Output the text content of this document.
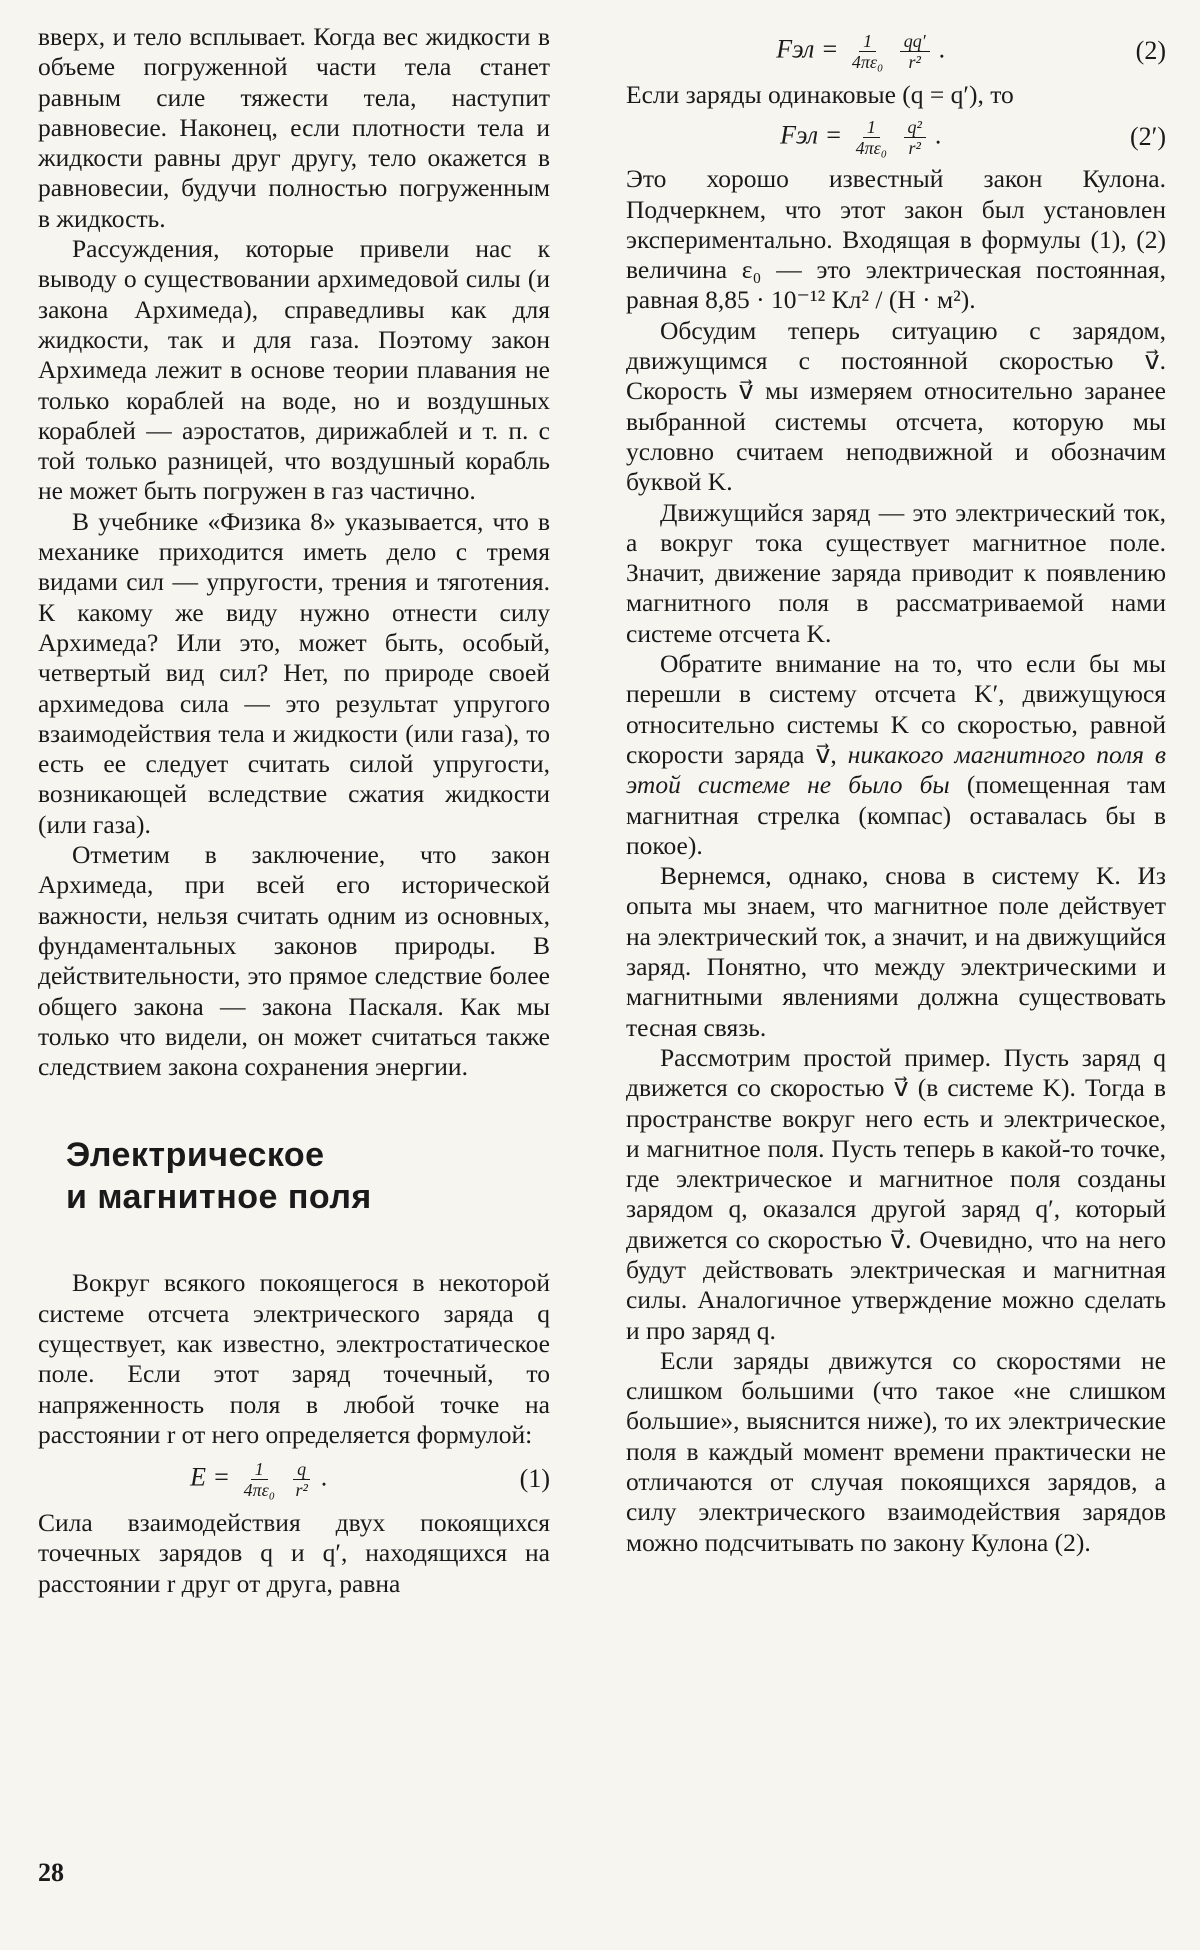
вверх, и тело всплывает. Когда вес жидкости в объеме погруженной части тела станет равным силе тяжести тела, наступит равновесие. Наконец, если плотности тела и жидкости равны друг другу, тело окажется в равновесии, будучи полностью погруженным в жидкость.

Рассуждения, которые привели нас к выводу о существовании архимедовой силы (и закона Архимеда), справедливы как для жидкости, так и для газа. Поэтому закон Архимеда лежит в основе теории плавания не только кораблей на воде, но и воздушных кораблей — аэростатов, дирижаблей и т. п. с той только разницей, что воздушный корабль не может быть погружен в газ частично.

В учебнике «Физика 8» указывается, что в механике приходится иметь дело с тремя видами сил — упругости, трения и тяготения. К какому же виду нужно отнести силу Архимеда? Или это, может быть, особый, четвертый вид сил? Нет, по природе своей архимедова сила — это результат упругого взаимодействия тела и жидкости (или газа), то есть ее следует считать силой упругости, возникающей вследствие сжатия жидкости (или газа).

Отметим в заключение, что закон Архимеда, при всей его исторической важности, нельзя считать одним из основных, фундаментальных законов природы. В действительности, это прямое следствие более общего закона — закона Паскаля. Как мы только что видели, он может считаться также следствием закона сохранения энергии.

Электрическое
и магнитное поля

Вокруг всякого покоящегося в некоторой системе отсчета электрического заряда q существует, как известно, электростатическое поле. Если этот заряд точечный, то напряженность поля в любой точке на расстоянии r от него определяется формулой:

$E = \frac{1}{\text{4πε₀}}$
$\frac{q}{\text{r²}}$ .	(1)

Сила взаимодействия двух покоящихся точечных зарядов q и q′, находящихся на расстоянии r друг от друга, равна

Fэл = $\frac{1}{\text{4πε₀}}$
$\frac{qq'}{\text{r²}}$ .	(2)

Если заряды одинаковые (q = q′), то

Fэл = $\frac{1}{\text{4πε₀}}$
$\frac{\text{q²}}{\text{r²}}$ .	(2′)

Это хорошо известный закон Кулона. Подчеркнем, что этот закон был установлен экспериментально. Входящая в формулы (1), (2) величина ε₀ — это электрическая постоянная, равная 8,85 · 10⁻¹² Кл² / (Н · м²).

Обсудим теперь ситуацию с зарядом, движущимся с постоянной скоростью v⃗. Скорость v⃗ мы измеряем относительно заранее выбранной системы отсчета, которую мы условно считаем неподвижной и обозначим буквой K.

Движущийся заряд — это электрический ток, а вокруг тока существует магнитное поле. Значит, движение заряда приводит к появлению магнитного поля в рассматриваемой нами системе отсчета K.

Обратите внимание на то, что если бы мы перешли в систему отсчета K′, движущуюся относительно системы K со скоростью, равной скорости заряда v⃗, никакого магнитного поля в этой системе не было бы (помещенная там магнитная стрелка (компас) оставалась бы в покое).

Вернемся, однако, снова в систему K. Из опыта мы знаем, что магнитное поле действует на электрический ток, а значит, и на движущийся заряд. Понятно, что между электрическими и магнитными явлениями должна существовать тесная связь.

Рассмотрим простой пример. Пусть заряд q движется со скоростью v⃗ (в системе K). Тогда в пространстве вокруг него есть и электрическое, и магнитное поля. Пусть теперь в какой-то точке, где электрическое и магнитное поля созданы зарядом q, оказался другой заряд q′, который движется со скоростью v⃗. Очевидно, что на него будут действовать электрическая и магнитная силы. Аналогичное утверждение можно сделать и про заряд q.

Если заряды движутся со скоростями не слишком большими (что такое «не слишком большие», выяснится ниже), то их электрические поля в каждый момент времени практически не отличаются от случая покоящихся зарядов, а силу электрического взаимодействия зарядов можно подсчитывать по закону Кулона (2).

28
